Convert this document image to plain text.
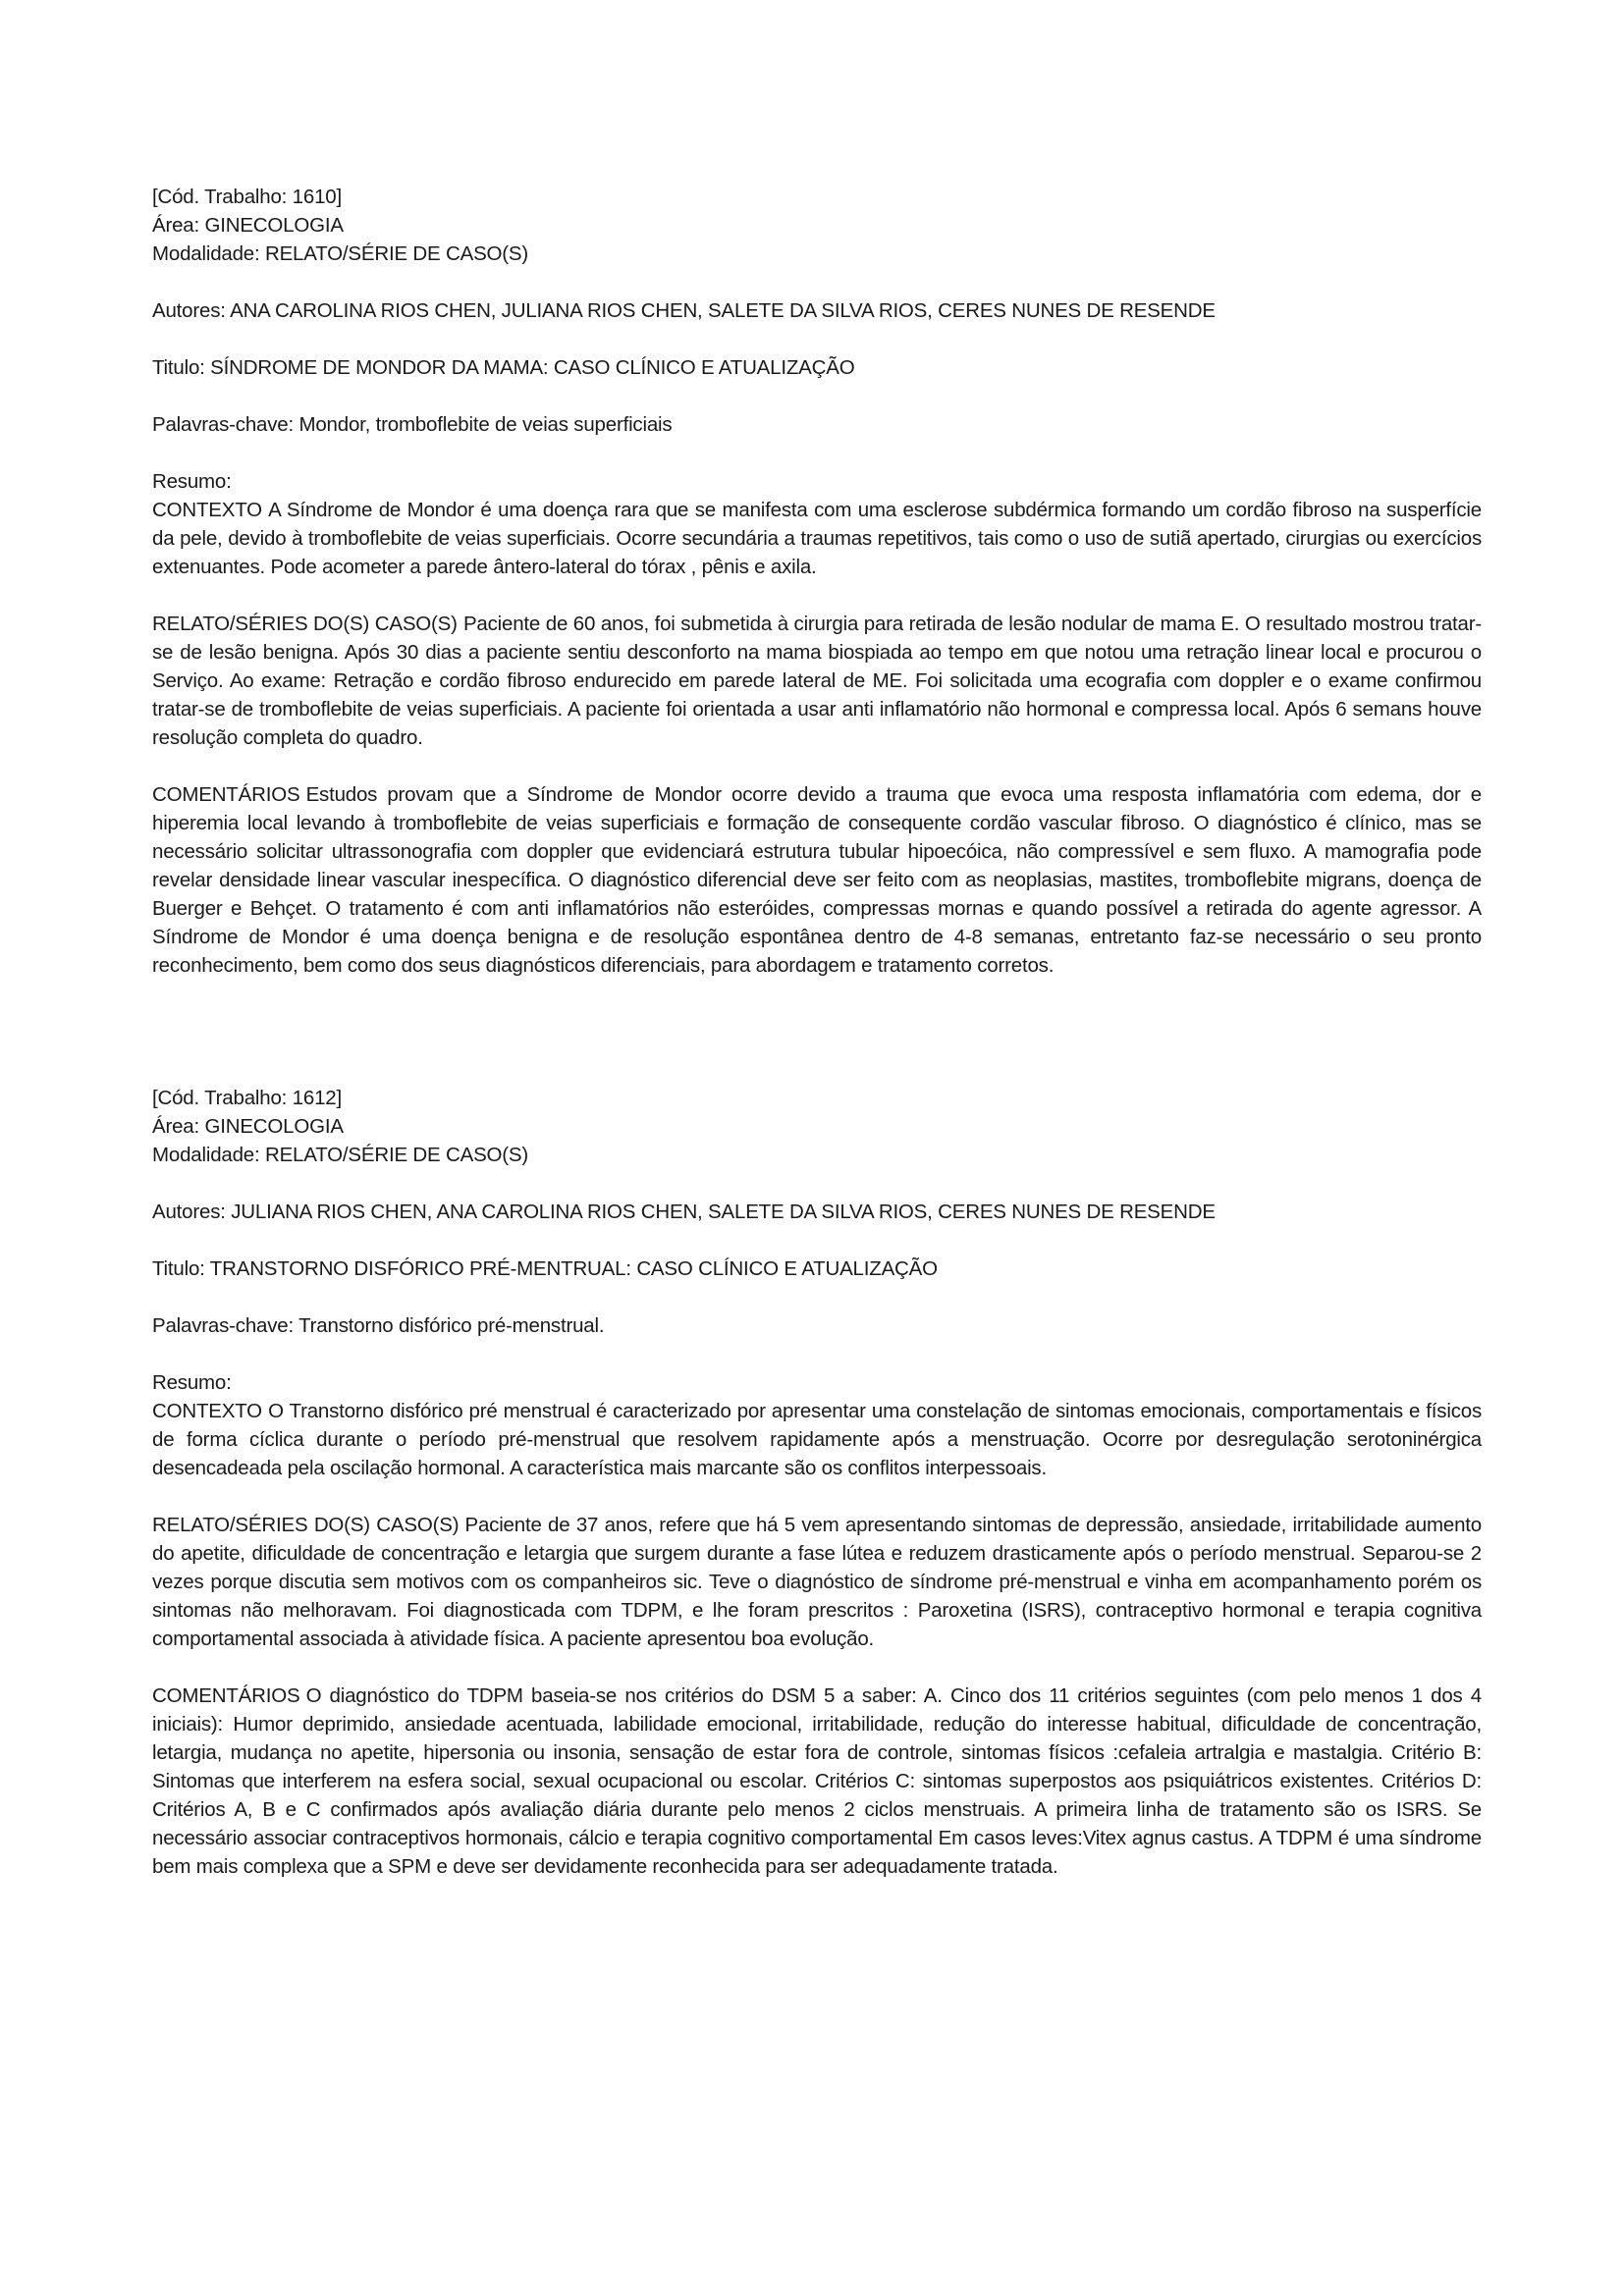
[Cód. Trabalho: 1610]
Área: GINECOLOGIA
Modalidade: RELATO/SÉRIE DE CASO(S)
Autores: ANA CAROLINA RIOS CHEN, JULIANA RIOS CHEN, SALETE DA SILVA RIOS, CERES NUNES DE RESENDE
Titulo: SÍNDROME DE MONDOR DA MAMA: CASO CLÍNICO E ATUALIZAÇÃO
Palavras-chave: Mondor, tromboflebite de veias superficiais
Resumo:

CONTEXTO A Síndrome de Mondor é uma doença rara que se manifesta com uma esclerose subdérmica formando um cordão fibroso na susperfície da pele, devido à tromboflebite de veias superficiais. Ocorre secundária a traumas repetitivos, tais como o uso de sutiã apertado, cirurgias ou exercícios extenuantes. Pode acometer a parede ântero-lateral do tórax , pênis e axila.

RELATO/SÉRIES DO(S) CASO(S) Paciente de 60 anos, foi submetida à cirurgia para retirada de lesão nodular de mama E. O resultado mostrou tratar-se de lesão benigna. Após 30 dias a paciente sentiu desconforto na mama biospiada ao tempo em que notou uma retração linear local e procurou o Serviço. Ao exame: Retração e cordão fibroso endurecido em parede lateral de ME. Foi solicitada uma ecografia com doppler e o exame confirmou tratar-se de tromboflebite de veias superficiais. A paciente foi orientada a usar anti inflamatório não hormonal e compressa local. Após 6 semans houve resolução completa do quadro.

COMENTÁRIOS Estudos provam que a Síndrome de Mondor ocorre devido a trauma que evoca uma resposta inflamatória com edema, dor e hiperemia local levando à tromboflebite de veias superficiais e formação de consequente cordão vascular fibroso. O diagnóstico é clínico, mas se necessário solicitar ultrassonografia com doppler que evidenciará estrutura tubular hipoecóica, não compressível e sem fluxo. A mamografia pode revelar densidade linear vascular inespecífica. O diagnóstico diferencial deve ser feito com as neoplasias, mastites, tromboflebite migrans, doença de Buerger e Behçet. O tratamento é com anti inflamatórios não esteróides, compressas mornas e quando possível a retirada do agente agressor. A Síndrome de Mondor é uma doença benigna e de resolução espontânea dentro de 4-8 semanas, entretanto faz-se necessário o seu pronto reconhecimento, bem como dos seus diagnósticos diferenciais, para abordagem e tratamento corretos.

[Cód. Trabalho: 1612]
Área: GINECOLOGIA
Modalidade: RELATO/SÉRIE DE CASO(S)
Autores: JULIANA RIOS CHEN, ANA CAROLINA RIOS CHEN, SALETE DA SILVA RIOS, CERES NUNES DE RESENDE
Titulo: TRANSTORNO DISFÓRICO PRÉ-MENTRUAL: CASO CLÍNICO E ATUALIZAÇÃO
Palavras-chave: Transtorno disfórico pré-menstrual.
Resumo:

CONTEXTO O Transtorno disfórico pré menstrual é caracterizado por apresentar uma constelação de sintomas emocionais, comportamentais e físicos de forma cíclica durante o período pré-menstrual que resolvem rapidamente após a menstruação. Ocorre por desregulação serotoninérgica desencadeada pela oscilação hormonal. A característica mais marcante são os conflitos interpessoais.

RELATO/SÉRIES DO(S) CASO(S) Paciente de 37 anos, refere que há 5 vem apresentando sintomas de depressão, ansiedade, irritabilidade aumento do apetite, dificuldade de concentração e letargia que surgem durante a fase lútea e reduzem drasticamente após o período menstrual. Separou-se 2 vezes porque discutia sem motivos com os companheiros sic. Teve o diagnóstico de síndrome pré-menstrual e vinha em acompanhamento porém os sintomas não melhoravam. Foi diagnosticada com TDPM, e lhe foram prescritos : Paroxetina (ISRS), contraceptivo hormonal e terapia cognitiva comportamental associada à atividade física. A paciente apresentou boa evolução.

COMENTÁRIOS O diagnóstico do TDPM baseia-se nos critérios do DSM 5 a saber: A. Cinco dos 11 critérios seguintes (com pelo menos 1 dos 4 iniciais): Humor deprimido, ansiedade acentuada, labilidade emocional, irritabilidade, redução do interesse habitual, dificuldade de concentração, letargia, mudança no apetite, hipersonia ou insonia, sensação de estar fora de controle, sintomas físicos :cefaleia artralgia e mastalgia. Critério B: Sintomas que interferem na esfera social, sexual ocupacional ou escolar. Critérios C: sintomas superpostos aos psiquiátricos existentes. Critérios D: Critérios A, B e C confirmados após avaliação diária durante pelo menos 2 ciclos menstruais. A primeira linha de tratamento são os ISRS. Se necessário associar contraceptivos hormonais, cálcio e terapia cognitivo comportamental Em casos leves:Vitex agnus castus. A TDPM é uma síndrome bem mais complexa que a SPM e deve ser devidamente reconhecida para ser adequadamente tratada.
